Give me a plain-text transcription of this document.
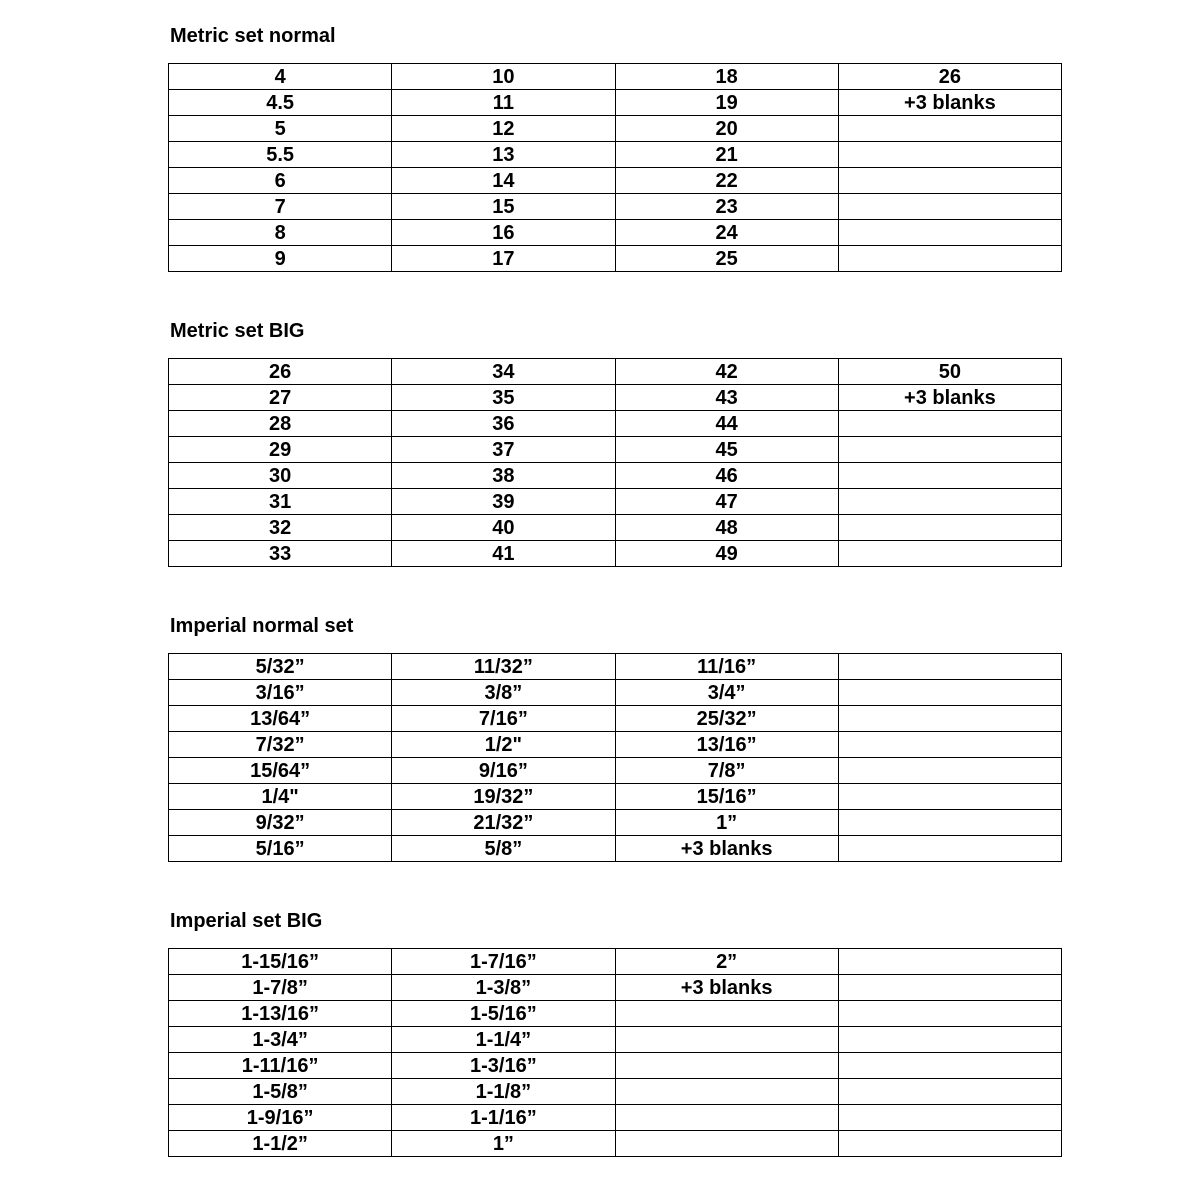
Metric set normal
4	10	18	26
4.5	11	19	+3 blanks
5	12	20	
5.5	13	21	
6	14	22	
7	15	23	
8	16	24	
9	17	25	
Metric set BIG
26	34	42	50
27	35	43	+3 blanks
28	36	44	
29	37	45	
30	38	46	
31	39	47	
32	40	48	
33	41	49	
Imperial normal set
5/32”	11/32”	11/16”	
3/16”	3/8”	3/4”	
13/64”	7/16”	25/32”	
7/32”	1/2"	13/16”	
15/64”	9/16”	7/8”	
1/4"	19/32”	15/16”	
9/32”	21/32”	1”	
5/16”	5/8”	+3 blanks	
Imperial set BIG
1-15/16”	1-7/16”	2”	
1-7/8”	1-3/8”	+3 blanks	
1-13/16”	1-5/16”		
1-3/4”	1-1/4”		
1-11/16”	1-3/16”		
1-5/8”	1-1/8”		
1-9/16”	1-1/16”		
1-1/2”	1”		
